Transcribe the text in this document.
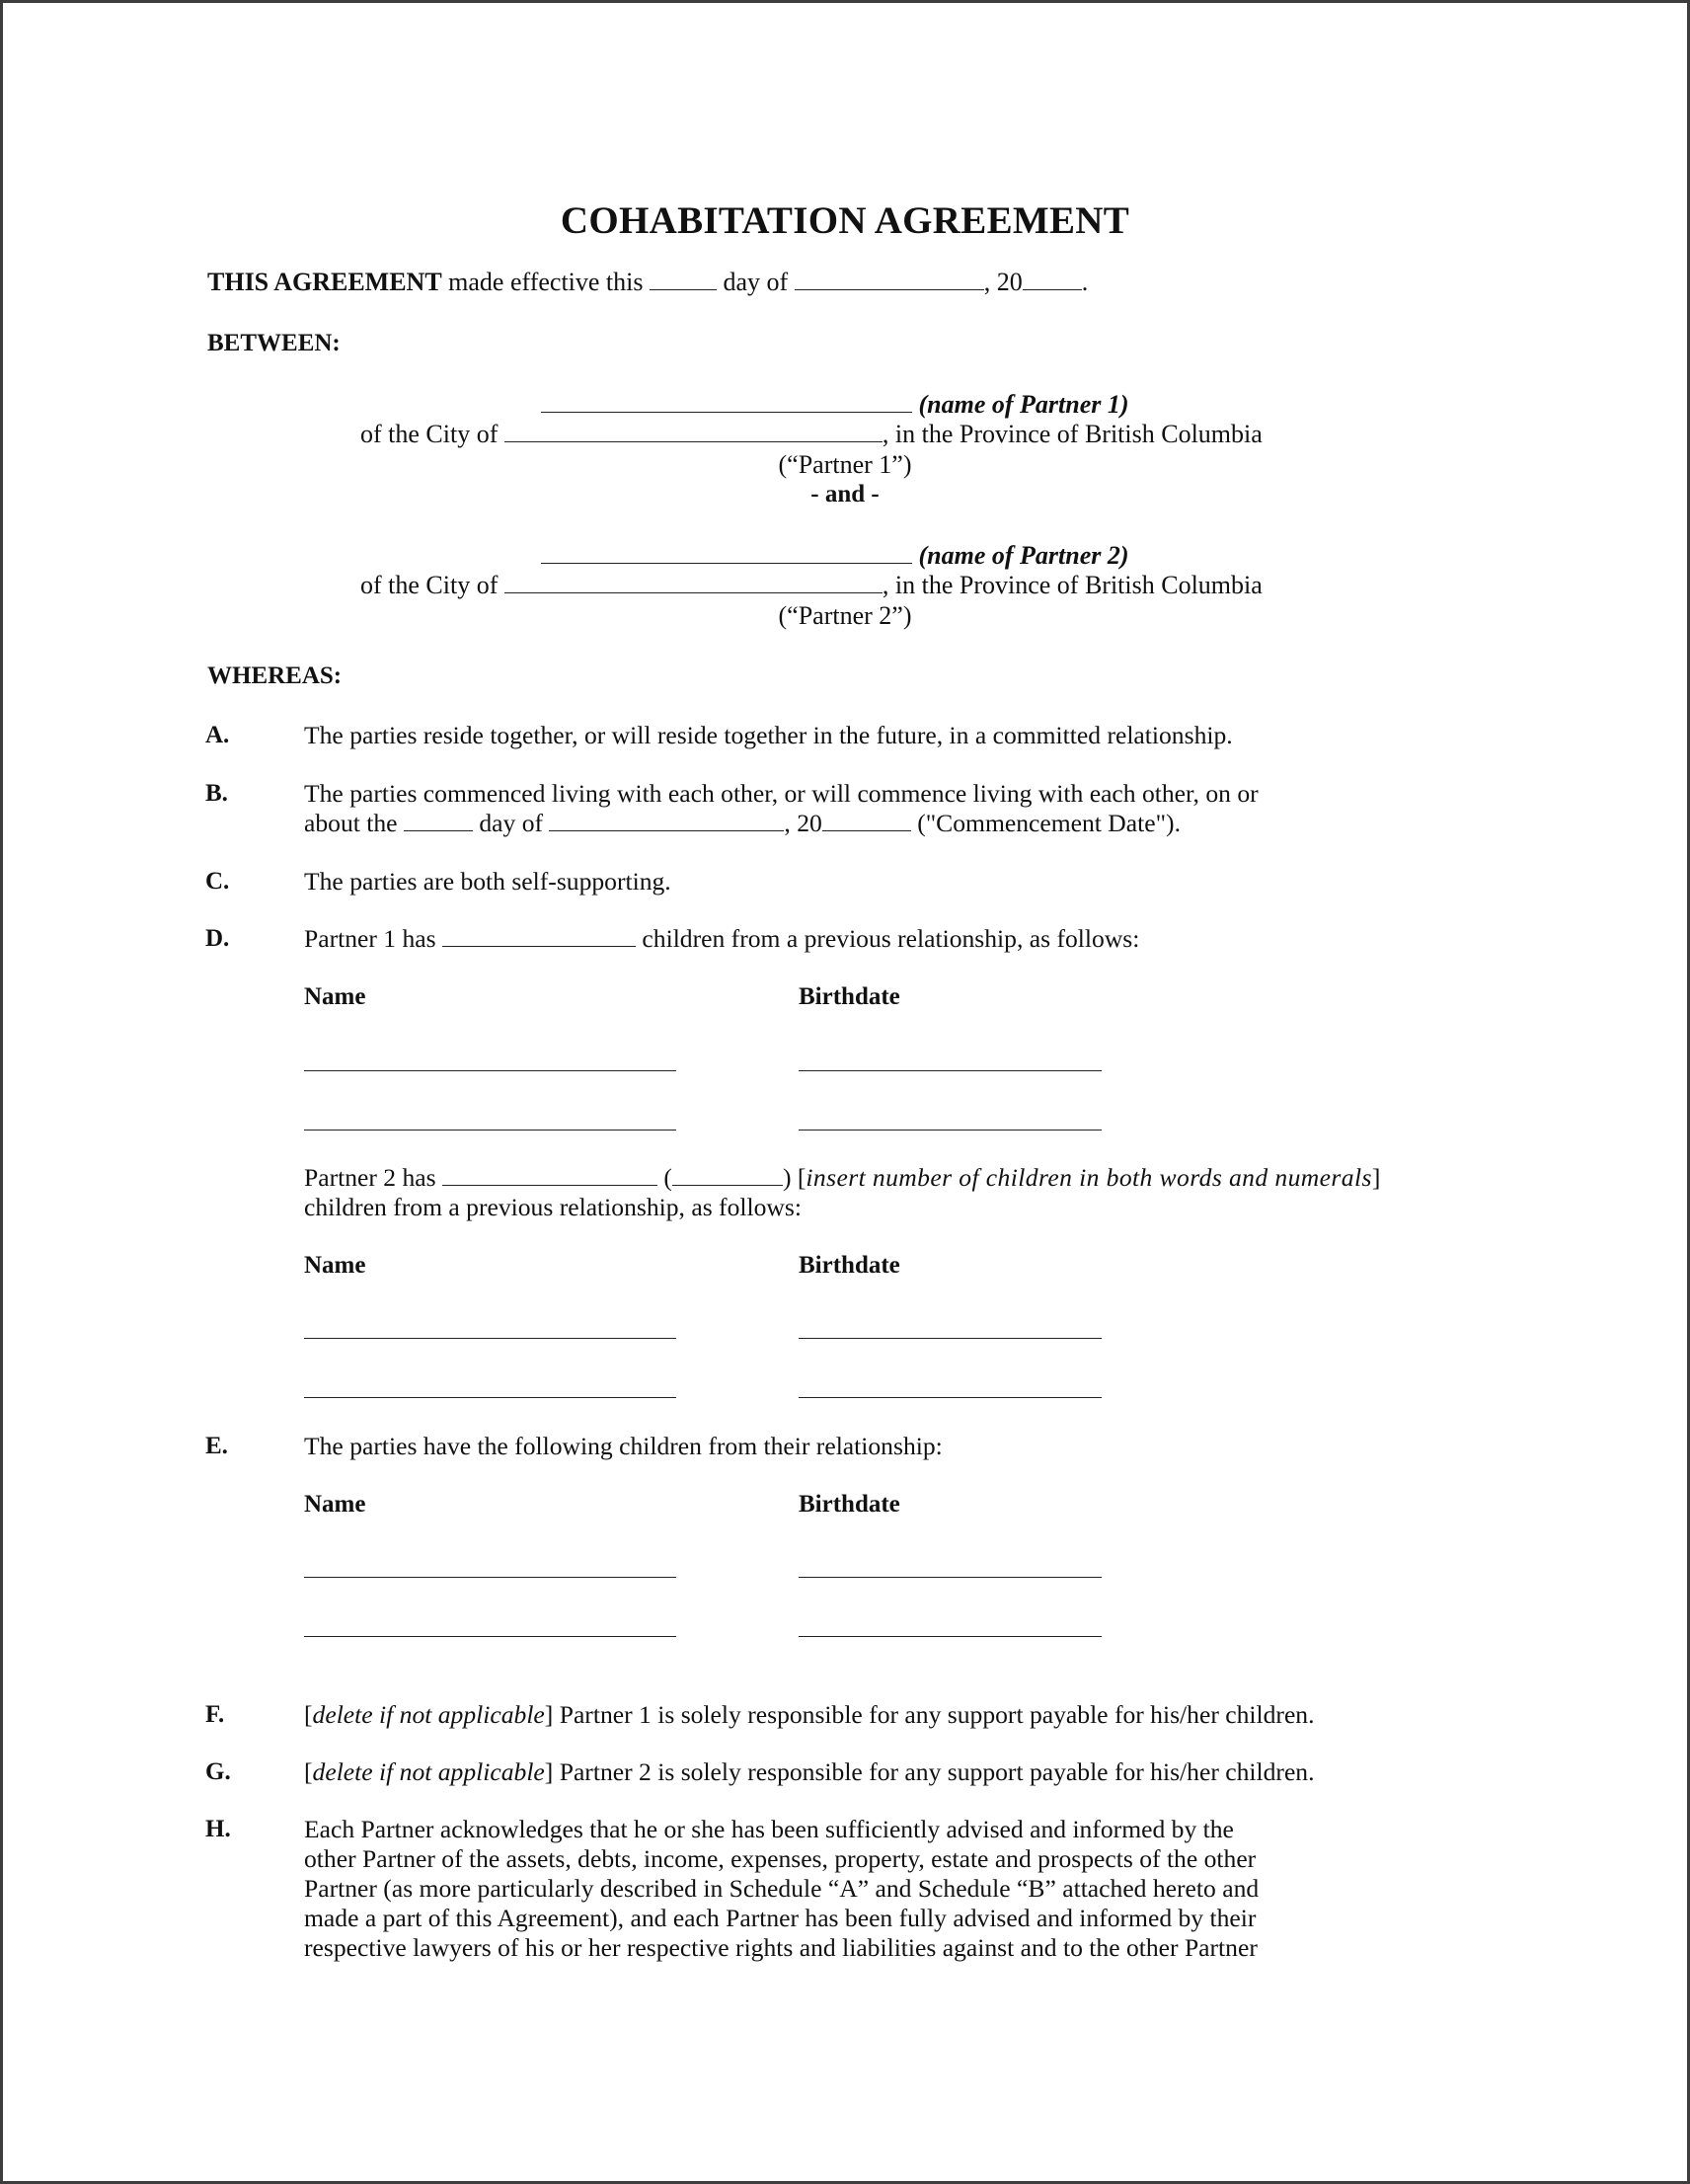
COHABITATION AGREEMENT
THIS AGREEMENT made effective this	day of	, 20 .
BETWEEN:
(name of Partner 1)
of the City of	, in the Province of British Columbia
(“Partner 1”)
- and -
(name of Partner 2)
of the City of	, in the Province of British Columbia
(“Partner 2”)
WHEREAS:
A.	The parties reside together, or will reside together in the future, in a committed relationship.
B.	The parties commenced living with each other, or will commence living with each other, on or
about the	day of	, 20	("Commencement Date").
C.	The parties are both self-supporting.
D.	Partner 1 has	children from a previous relationship, as follows:
Name	Birthdate
Partner 2 has	(	) [insert number of children in both words and numerals]
children from a previous relationship, as follows:
Name	Birthdate
E.	The parties have the following children from their relationship:
Name	Birthdate
F.	[delete if not applicable] Partner 1 is solely responsible for any support payable for his/her children.
G.	[delete if not applicable] Partner 2 is solely responsible for any support payable for his/her children.
H.	Each Partner acknowledges that he or she has been sufficiently advised and informed by the
other Partner of the assets, debts, income, expenses, property, estate and prospects of the other
Partner (as more particularly described in Schedule “A” and Schedule “B” attached hereto and
made a part of this Agreement), and each Partner has been fully advised and informed by their
respective lawyers of his or her respective rights and liabilities against and to the other Partner
